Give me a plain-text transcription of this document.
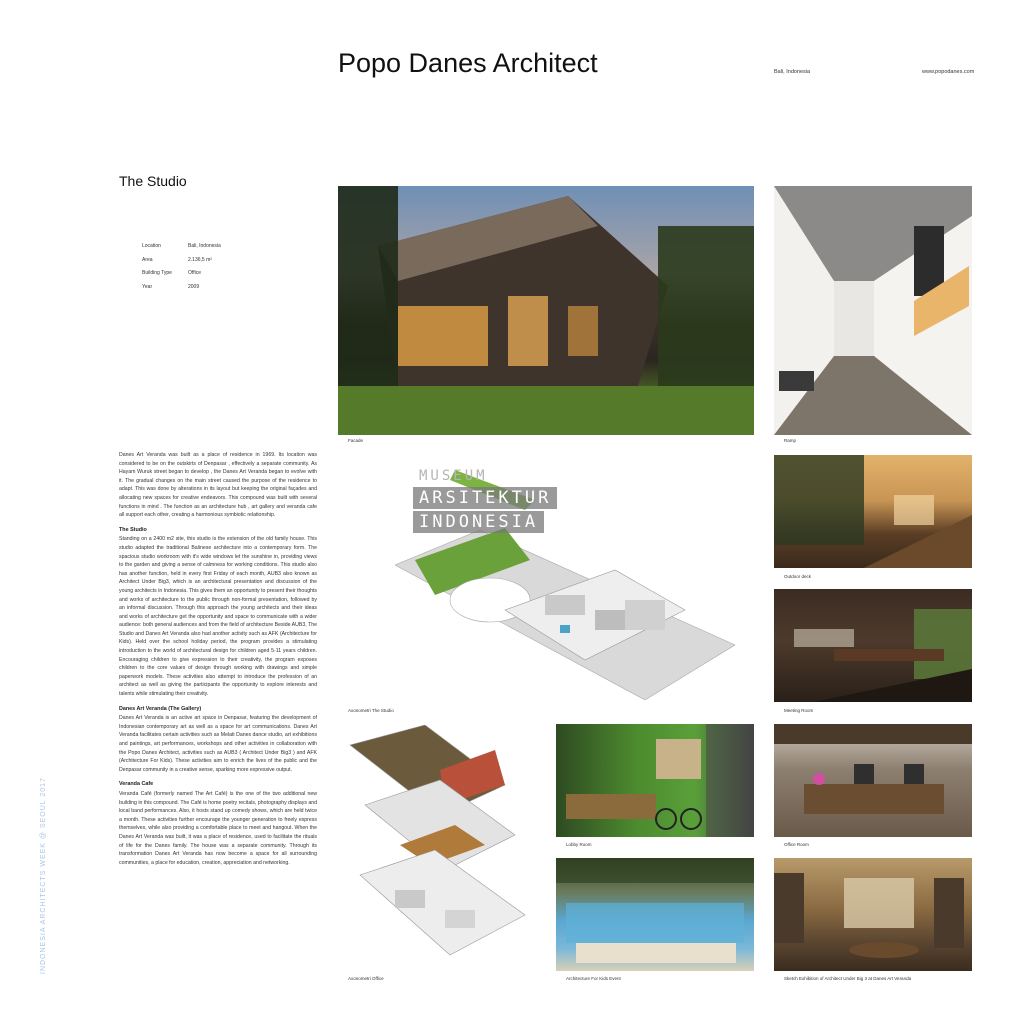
Popo Danes Architect	Bali, Indonesia	www.popodanes.com
The Studio
Location	Bali, Indonesia
Area	2.136,5 m²
Building Type	Office
Year	2009

Danes Art Veranda was built as a place of residence in 1969. Its location was considered to be on the outskirts of Denpasar , effectively a separate community. As Hayam Wuruk street began to develop , the Danes Art Veranda began to evolve with it. The gradual changes on the main street caused the purpose of the residence to adapt. This was done by alterations in its layout but keeping the original façades and allocating new spaces for creative endeavors. This compound was built with several functions in mind . The function as an architecture hub , art gallery and veranda cafe all support each other, creating a harmonious symbiotic relationship.

The Studio

Standing on a 2400 m2 site, this studio is the extension of the old family house. This studio adapted the traditional Balinese architecture into a contemporary form. The spacious studio workroom with it's wide windows let the sunshine in, providing views to the garden and giving a sense of calmness for working conditions. This studio also has another function, held in every first Friday of each month, AUB3 also known as Architect Under Big3, which is an architectural presentation and discussion of the young architects in Indonesia. This gives them an opportunity to present their thoughts and works of architecture to the public through non-formal presentation, followed by an informal discussion. Through this approach the young architects and their ideas and works of architecture get the opportunity and space to communicate with a wider audience: both general audiences and from the field of architecture Beside AUB3, The Studio and Danes Art Veranda also had another activity such as AFK (Architecture for Kids). Held over the school holiday period, the program provides a stimulating introduction to the world of architectural design for children aged 5-11 years children. Encouraging children to give expression to their creativity, the program exposes children to the core values of design through working with drawings and simple paperwork models. These activities also attempt to introduce the profession of an architect as well as giving the participants the opportunity to explore interests and talents while stimulating their creativity.

Danes Art Veranda (The Gallery)

Danes Art Veranda is an active art space in Denpasar, featuring the development of Indonesian contemporary art as well as a space for art communications. Danes Art Veranda facilitates certain activities such as Melati Danes dance studio, art exhibitions and paintings, art performances, workshops and other activities in collaboration with the Popo Danes Architect, activities such as AUB3 ( Architect Under Big3 ) and AFK (Architecture For Kids). These activities aim to enrich the lives of the public and the Denpasar community in a creative sense, sparking more expressive output.

Veranda Cafe

Veranda Café (formerly named The Art Café) is the one of the two additional new building in this compound. The Café is home poetry recitals, photography displays and local band performances. Also, it hosts stand up comedy shows, which are held twice a month. These activities further encourage the younger generation to freely express themselves, while also providing a comfortable place to meet and hangout. When the Danes Art Veranda was built, it was a place of residence, used to facilitate the rituals of life for the Danes family. The house was a separate community. Through its transformation Danes Art Veranda has now become a space for all surrounding communities, a place for education, creation, appreciation and networking.

Facade	Ramp
Outdoor deck
Meeting Room
Axonometri The Studio
Lobby Room	Office Room
Axonometri Office	Architecture For Kids Event	Sketch Exhibition of Architect Under Big 3 at Danes Art Veranda
MUSEUM ARSITEKTUR INDONESIA
INDONESIA ARCHITECTS WEEK @ SEOUL 2017
